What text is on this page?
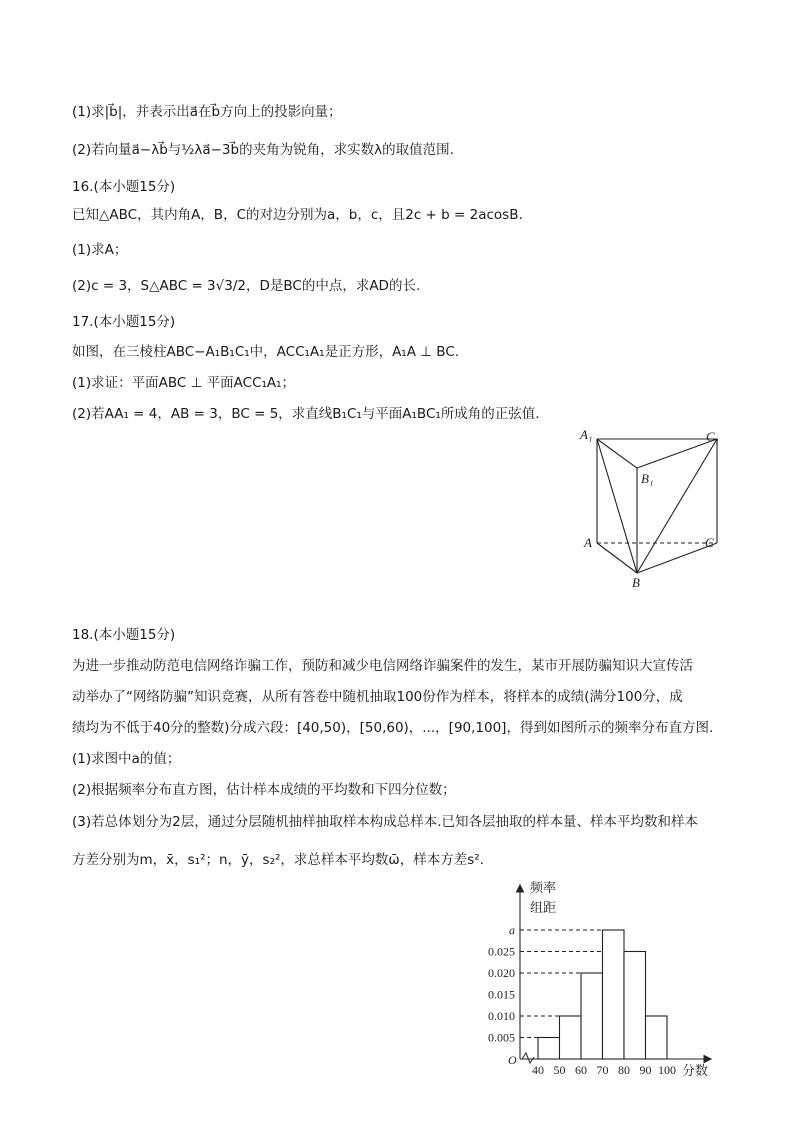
(1)求|b⃗|，并表示出a⃗在b⃗方向上的投影向量；
(2)若向量a⃗−λb⃗与½λa⃗−3b⃗的夹角为锐角，求实数λ的取值范围.
16.(本小题15分)
已知△ABC，其内角A，B，C的对边分别为a，b，c，且2c + b = 2acosB.
(1)求A；
(2)c = 3，S△ABC = 3√3/2，D是BC的中点，求AD的长.
17.(本小题15分)
如图，在三棱柱ABC−A₁B₁C₁中，ACC₁A₁是正方形，A₁A ⊥ BC.
(1)求证：平面ABC ⊥ 平面ACC₁A₁；
(2)若AA₁ = 4，AB = 3，BC = 5，求直线B₁C₁与平面A₁BC₁所成角的正弦值.
A₁	C₁
B₁
A	C
B
18.(本小题15分)
为进一步推动防范电信网络诈骗工作，预防和减少电信网络诈骗案件的发生，某市开展防骗知识大宣传活
动举办了“网络防骗”知识竞赛，从所有答卷中随机抽取100份作为样本，将样本的成绩(满分100分，成
绩均为不低于40分的整数)分成六段：[40,50)，[50,60)，...，[90,100]，得到如图所示的频率分布直方图.
(1)求图中a的值；
(2)根据频率分布直方图，估计样本成绩的平均数和下四分位数；
(3)若总体划分为2层，通过分层随机抽样抽取样本构成总样本.已知各层抽取的样本量、样本平均数和样本
方差分别为m，x̄，s₁²；n，ȳ，s₂²，求总样本平均数ω̄，样本方差s².
0.005
0.010
0.015
0.020
0.025
a
40 50 60 70 80 90 100
O
分数
频率
组距
